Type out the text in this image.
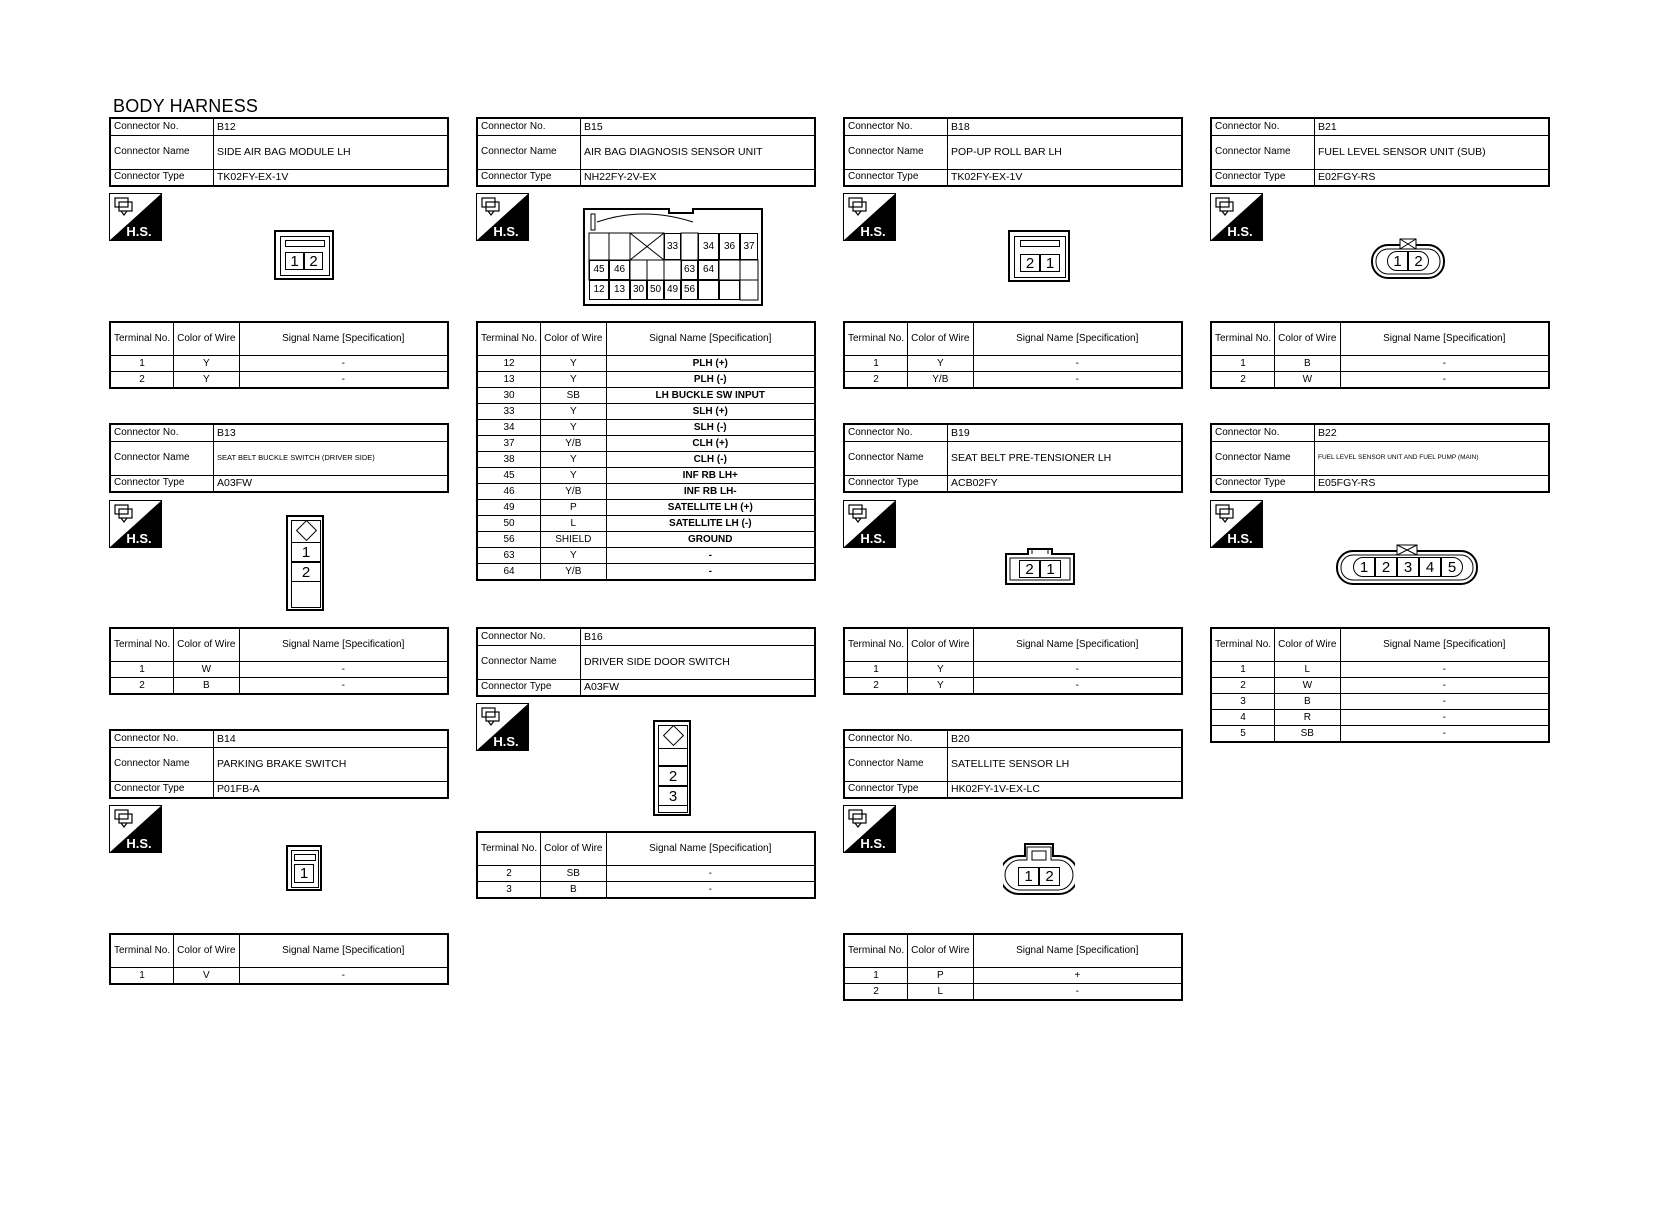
BODY HARNESS
Connector No.	B12
Connector Name	SIDE AIR BAG MODULE LH
Connector Type	TK02FY-EX-1V
H.S.
1 2
Terminal No.	Color of Wire	Signal Name [Specification]
1	Y	-
2	Y	-
Connector No.	B13
Connector Name	SEAT BELT BUCKLE SWITCH (DRIVER SIDE)
Connector Type	A03FW
H.S.
1
2
Terminal No.	Color of Wire	Signal Name [Specification]
1	W	-
2	B	-
Connector No.	B14
Connector Name	PARKING BRAKE SWITCH
Connector Type	P01FB-A
H.S.
1
Terminal No.	Color of Wire	Signal Name [Specification]
1	V	-
Connector No.	B15
Connector Name	AIR BAG DIAGNOSIS SENSOR UNIT
Connector Type	NH22FY-2V-EX
H.S.
33	34 36 37
45 46	63 64
12 13 30 50 49 56
Terminal No.	Color of Wire	Signal Name [Specification]
12	Y	PLH (+)
13	Y	PLH (-)
30	SB	LH BUCKLE SW INPUT
33	Y	SLH (+)
34	Y	SLH (-)
37	Y/B	CLH (+)
38	Y	CLH (-)
45	Y	INF RB LH+
46	Y/B	INF RB LH-
49	P	SATELLITE LH (+)
50	L	SATELLITE LH (-)
56	SHIELD	GROUND
63	Y	-
64	Y/B	-
Connector No.	B16
Connector Name	DRIVER SIDE DOOR SWITCH
Connector Type	A03FW
H.S.
2
3
Terminal No.	Color of Wire	Signal Name [Specification]
2	SB	-
3	B	-
Connector No.	B18
Connector Name	POP-UP ROLL BAR LH
Connector Type	TK02FY-EX-1V
H.S.
2 1
Terminal No.	Color of Wire	Signal Name [Specification]
1	Y	-
2	Y/B	-
Connector No.	B19
Connector Name	SEAT BELT PRE-TENSIONER LH
Connector Type	ACB02FY
H.S.
2 1
Terminal No.	Color of Wire	Signal Name [Specification]
1	Y	-
2	Y	-
Connector No.	B20
Connector Name	SATELLITE SENSOR LH
Connector Type	HK02FY-1V-EX-LC
H.S.
1 2
Terminal No.	Color of Wire	Signal Name [Specification]
1	P	+
2	L	-
Connector No.	B21
Connector Name	FUEL LEVEL SENSOR UNIT (SUB)
Connector Type	E02FGY-RS
H.S.
1 2
Terminal No.	Color of Wire	Signal Name [Specification]
1	B	-
2	W	-
Connector No.	B22
Connector Name	FUEL LEVEL SENSOR UNIT AND FUEL PUMP (MAIN)
Connector Type	E05FGY-RS
H.S.
1 2 3 4 5
Terminal No.	Color of Wire	Signal Name [Specification]
1	L	-
2	W	-
3	B	-
4	R	-
5	SB	-
